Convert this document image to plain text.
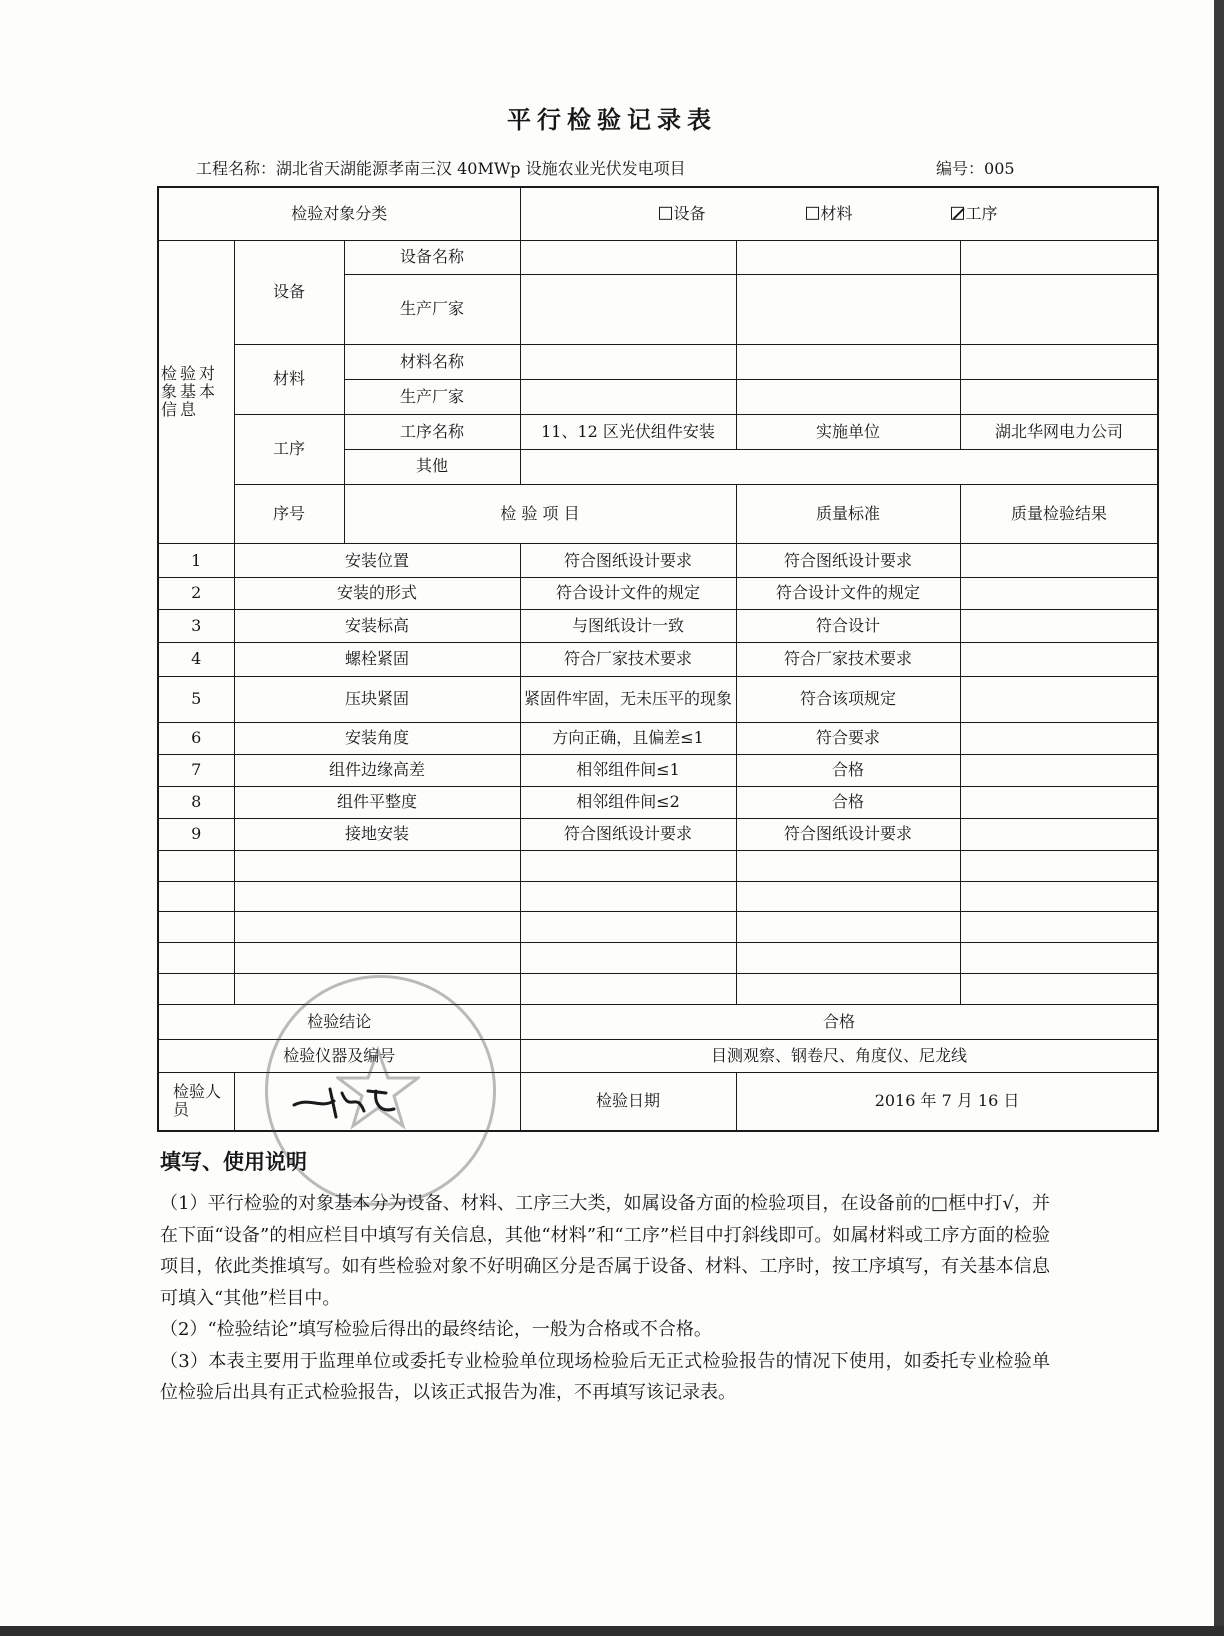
平行检验记录表
工程名称：湖北省天湖能源孝南三汉 40MWp 设施农业光伏发电项目	编号：005
检验对象分类			设备 材料 工序			

检验对象基本信息	设备	设备名称				
		生产厂家				
	材料	材料名称				
		生产厂家				
	工序	工序名称	11、12 区光伏组件安装	实施单位	湖北华网电力公司	
		其他				
	序号	检 验 项 目		质量标准	质量检验结果	
1	安装位置		符合图纸设计要求	符合图纸设计要求		
2	安装的形式		符合设计文件的规定	符合设计文件的规定		
3	安装标高		与图纸设计一致	符合设计		
4	螺栓紧固		符合厂家技术要求	符合厂家技术要求		
5	压块紧固		紧固件牢固，无未压平的现象	符合该项规定		
6	安装角度		方向正确，且偏差≤1	符合要求		
7	组件边缘高差		相邻组件间≤1	合格		
8	组件平整度		相邻组件间≤2	合格		
9	接地安装		符合图纸设计要求	符合图纸设计要求		

检验结论			合格			
检验仪器及编号			目测观察、钢卷尺、角度仪、尼龙线			
检验人员			检验日期	2016 年 7 月 16 日		
填写、使用说明

（1）平行检验的对象基本分为设备、材料、工序三大类，如属设备方面的检验项目，在设备前的□框中打√，并在下面“设备”的相应栏目中填写有关信息，其他“材料”和“工序”栏目中打斜线即可。如属材料或工序方面的检验项目，依此类推填写。如有些检验对象不好明确区分是否属于设备、材料、工序时，按工序填写，有关基本信息可填入“其他”栏目中。

（2）“检验结论”填写检验后得出的最终结论，一般为合格或不合格。

（3）本表主要用于监理单位或委托专业检验单位现场检验后无正式检验报告的情况下使用，如委托专业检验单位检验后出具有正式检验报告，以该正式报告为准，不再填写该记录表。
